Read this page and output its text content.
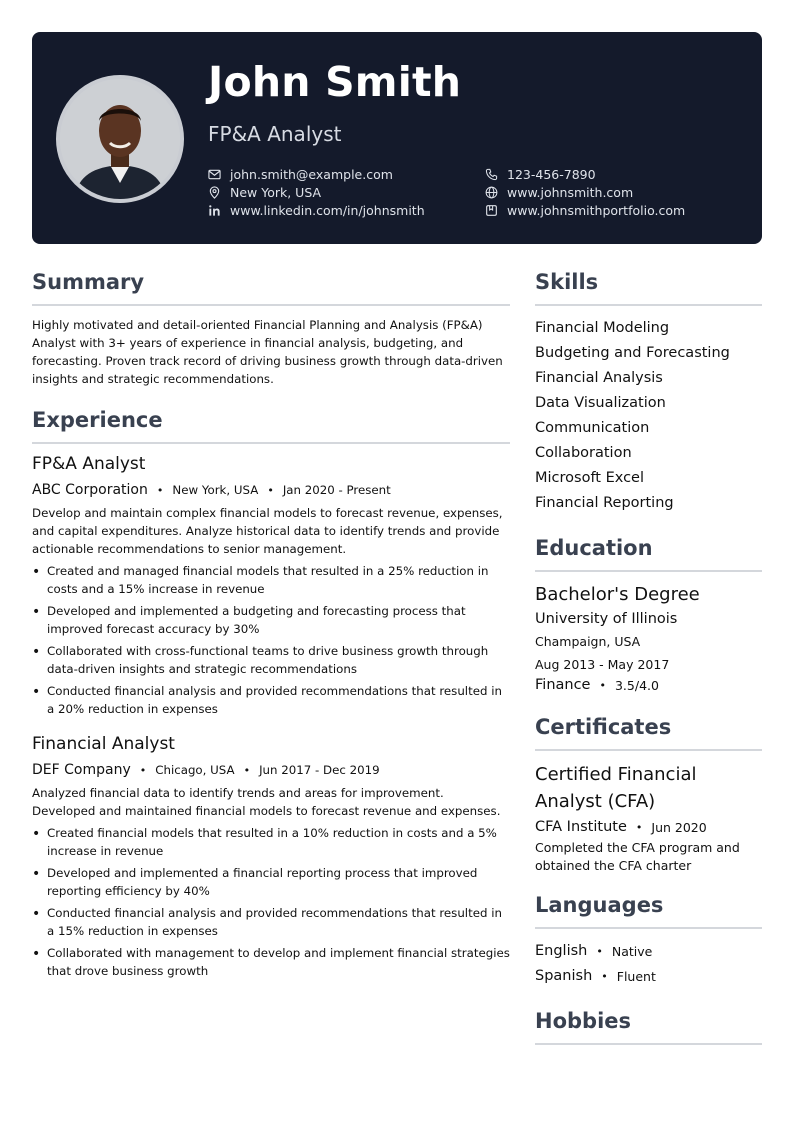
John Smith
FP&A Analyst
john.smith@example.com	123-456-7890
New York, USA	www.johnsmith.com
www.linkedin.com/in/johnsmith	www.johnsmithportfolio.com
Summary

Highly motivated and detail-oriented Financial Planning and Analysis (FP&A) Analyst with 3+ years of experience in financial analysis, budgeting, and forecasting. Proven track record of driving business growth through data-driven insights and strategic recommendations.

Experience
FP&A Analyst
ABC Corporation • New York, USA • Jan 2020 - Present

Develop and maintain complex financial models to forecast revenue, expenses, and capital expenditures. Analyze historical data to identify trends and provide actionable recommendations to senior management.

• Created and managed financial models that resulted in a 25% reduction in costs and a 15% increase in revenue
• Developed and implemented a budgeting and forecasting process that improved forecast accuracy by 30%
• Collaborated with cross-functional teams to drive business growth through data-driven insights and strategic recommendations
• Conducted financial analysis and provided recommendations that resulted in a 20% reduction in expenses
Financial Analyst
DEF Company • Chicago, USA • Jun 2017 - Dec 2019

Analyzed financial data to identify trends and areas for improvement. Developed and maintained financial models to forecast revenue and expenses.

• Created financial models that resulted in a 10% reduction in costs and a 5% increase in revenue
• Developed and implemented a financial reporting process that improved reporting efficiency by 40%
• Conducted financial analysis and provided recommendations that resulted in a 15% reduction in expenses
• Collaborated with management to develop and implement financial strategies that drove business growth
Skills
Financial Modeling
Budgeting and Forecasting
Financial Analysis
Data Visualization
Communication
Collaboration
Microsoft Excel
Financial Reporting
Education
Bachelor's Degree
University of Illinois
Champaign, USA
Aug 2013 - May 2017
Finance • 3.5/4.0
Certificates
Certified Financial Analyst (CFA)
CFA Institute • Jun 2020

Completed the CFA program and obtained the CFA charter

Languages
English • Native
Spanish • Fluent
Hobbies
